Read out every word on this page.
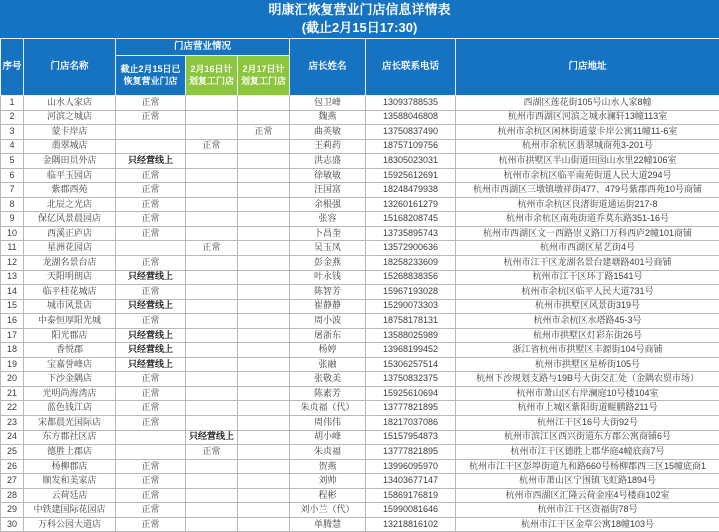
明康汇恢复营业门店信息详情表
(截止2月15日17:30)
序号	门店名称	门店营业情况			店长姓名	店长联系电话	门店地址
		截止2月15日已恢复营业门店	2月16日计划复工门店	2月17日计划复工门店			
1	山水人家店	正常			包卫峰	13093788535	西湖区莲花街105号山水人家8幢
2	河滨之城店	正常			魏燕	13588046808	杭州市西湖区河滨之城水澜轩13幢113室
3	蒙卡岸店			正常	曲英敏	13750837490	杭州市余杭区闲林街道蒙卡岸公寓11幢11-6室
4	翡翠城店		正常		王莉药	18757109756	杭州市余杭区翡翠城商苑3-201号
5	金隅田员外店	只经营线上			洪志盛	18305023031	杭州市拱墅区半山街道田园山水里22幢106室
6	临平玉园店	正常			徐敏敏	15925612691	杭州市余杭区临平南苑街道人民大道294号
7	紫郡西苑	正常			汪国富	18248479938	杭州市西湖区三墩镇墩祥街477、479号紫郡西苑10号商铺
8	北辰之光店	正常			余根强	13260161279	杭州市余杭区良渚街道通运街217-8
9	保亿风景晨园店	正常			张容	15168208745	杭州市余杭区南苑街道乔莫东路351-16号
10	西溪正庐店	正常			卜昌奎	13735895743	杭州市西湖区文一西路崇义路口万科西庐2幢101商铺
11	星洲花园店		正常		吴玉凤	13572900636	杭州市西湖区星艺街4号
12	龙湖名景台店	正常			彭金燕	18258233609	杭州市江干区龙湖名景台建塘路401号商铺
13	天阳明朗店	只经营线上			叶永钱	15268838356	杭州市江干区环丁路1541号
14	临平桂花城店	正常			陈智芳	15967193028	杭州市余杭区临平人民大道731号
15	城市风景店	只经营线上			崔静静	15290073303	杭州市拱墅区风景街319号
16	中泰恒厚阳光城	正常			周小波	18758178131	杭州市余杭区水塔路45-3号
17	阳光郡店	只经营线上			屠浙东	13588025989	杭州市拱墅区灯彩东街26号
18	香悦郡	只经营线上			杨婷	13968199452	浙江省杭州市拱墅区丰源街104号商铺
19	宝嘉誉峰店	只经营线上			张融	15306257514	杭州市拱墅区星桥街105号
20	下沙金隅店	正常			张敬美	13750832375	杭州下沙规划支路与19B号大街交汇处（金隅农贸市场）
21	光明尚海湾店	正常			陈素芳	15925610694	杭州市萧山区右岸澜庭10号楼104室
22	蓝色钱江店	正常			朱贞福（代）	13777821895	杭州市上城区紫阳街道鲲鹏路211号
23	宋都晨光国际店	正常			周伟伟	18217037086	杭州江干区16号大街92号
24	东方郡社区店		只经营线上		胡小峰	15157954873	杭州市滨江区西兴街道东方郡公寓商铺6号
25	德胜上郡店		正常		朱贞福	13777821895	杭州市江干区德胜上郡华庭4幢底商7号
26	杨柳郡店	正常			贺燕	13996095970	杭州市江干区彭埠街道九和路660号杨柳郡西三区15幢底商1
27	顺发和美家店	正常			刘帅	13403677147	杭州市萧山区宁围镇飞虹路1894号
28	云荷廷店	正常			程彬	15869176819	杭州市西湖区汇隆云荷金座4号楼商102室
29	中铁建国际花园店	正常			刘小兰（代）	15990081646	杭州市江干区资福街78号
30	万科公园大道店	正常			单腾慧	13218816102	杭州市江干区金草公寓18幢103号
